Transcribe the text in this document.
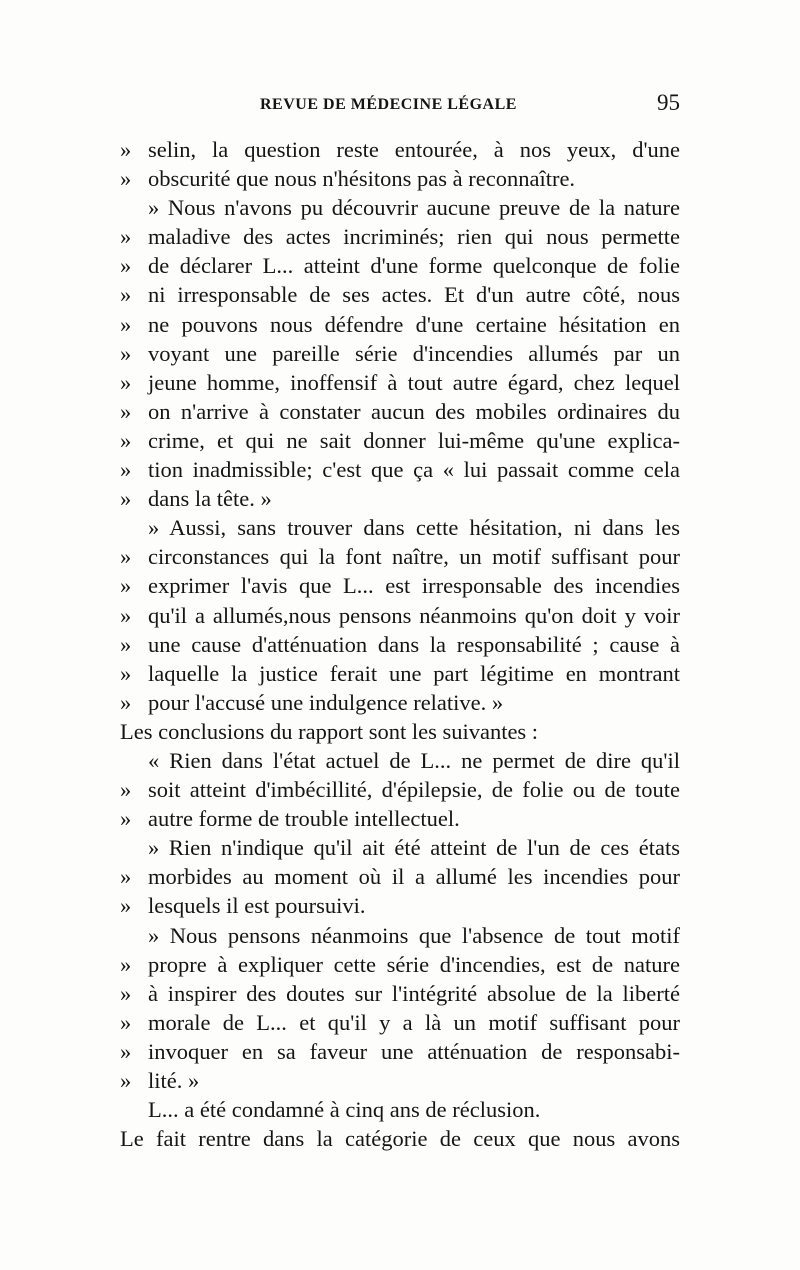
REVUE DE MÉDECINE LÉGALE	95
» selin, la question reste entourée, à nos yeux, d'une
» obscurité que nous n'hésitons pas à reconnaître.
» Nous n'avons pu découvrir aucune preuve de la nature
» maladive des actes incriminés; rien qui nous permette
» de déclarer L... atteint d'une forme quelconque de folie
» ni irresponsable de ses actes. Et d'un autre côté, nous
» ne pouvons nous défendre d'une certaine hésitation en
» voyant une pareille série d'incendies allumés par un
» jeune homme, inoffensif à tout autre égard, chez lequel
» on n'arrive à constater aucun des mobiles ordinaires du
» crime, et qui ne sait donner lui-même qu'une explica-
» tion inadmissible; c'est que ça « lui passait comme cela
» dans la tête. »
» Aussi, sans trouver dans cette hésitation, ni dans les
» circonstances qui la font naître, un motif suffisant pour
» exprimer l'avis que L... est irresponsable des incendies
» qu'il a allumés,nous pensons néanmoins qu'on doit y voir
» une cause d'atténuation dans la responsabilité ; cause à
» laquelle la justice ferait une part légitime en montrant
» pour l'accusé une indulgence relative. »
Les conclusions du rapport sont les suivantes :
« Rien dans l'état actuel de L... ne permet de dire qu'il
» soit atteint d'imbécillité, d'épilepsie, de folie ou de toute
» autre forme de trouble intellectuel.
» Rien n'indique qu'il ait été atteint de l'un de ces états
» morbides au moment où il a allumé les incendies pour
» lesquels il est poursuivi.
» Nous pensons néanmoins que l'absence de tout motif
» propre à expliquer cette série d'incendies, est de nature
» à inspirer des doutes sur l'intégrité absolue de la liberté
» morale de L... et qu'il y a là un motif suffisant pour
» invoquer en sa faveur une atténuation de responsabi-
» lité. »
L... a été condamné à cinq ans de réclusion.
Le fait rentre dans la catégorie de ceux que nous avons
